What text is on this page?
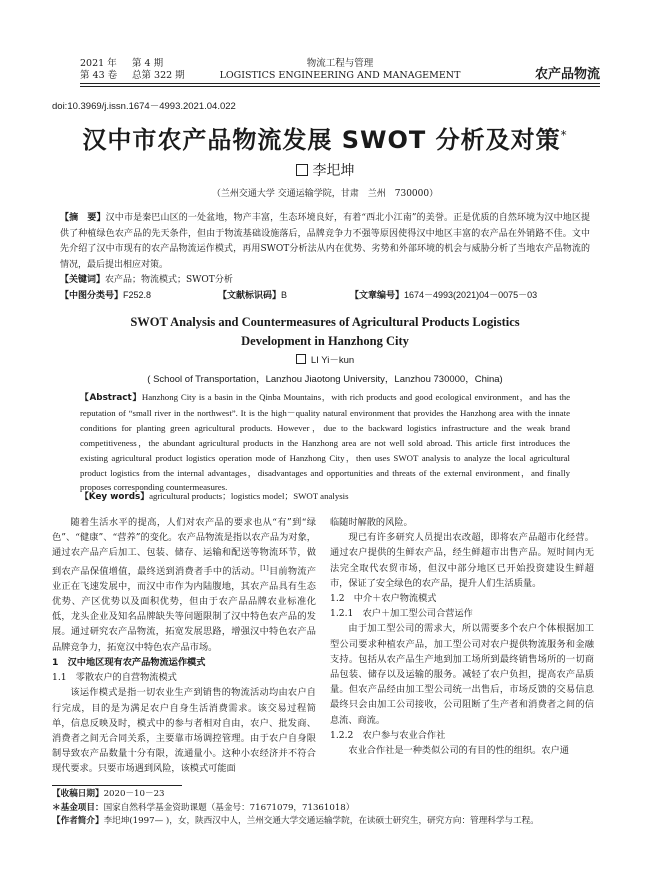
2021 年 第 4 期
第 43 卷 总第 322 期
物流工程与管理
LOGISTICS ENGINEERING AND MANAGEMENT	农产品物流
doi:10.3969/j.issn.1674－4993.2021.04.022
汉中市农产品物流发展 SWOT 分析及对策*
李圯坤
（兰州交通大学 交通运输学院，甘肃　兰州　730000）
【摘　要】汉中市是秦巴山区的一处盆地，物产丰富，生态环境良好，有着“西北小江南”的美誉。正是优质的自然环境为汉中地区提供了种植绿色农产品的先天条件，但由于物流基础设施落后，品牌竞争力不强等原因使得汉中地区丰富的农产品在外销路不佳。文中先介绍了汉中市现有的农产品物流运作模式，再用SWOT分析法从内在优势、劣势和外部环境的机会与威胁分析了当地农产品物流的情况，最后提出相应对策。
【关键词】农产品；物流模式；SWOT分析
【中图分类号】F252.8	【文献标识码】B	【文章编号】1674－4993(2021)04－0075－03
SWOT Analysis and Countermeasures of Agricultural Products Logistics
Development in Hanzhong City
LI Yi－kun
( School of Transportation，Lanzhou Jiaotong University，Lanzhou 730000，China)
【Abstract】Hanzhong City is a basin in the Qinba Mountains，with rich products and good ecological environment，and has the reputation of “small river in the northwest”. It is the high－quality natural environment that provides the Hanzhong area with the innate conditions for planting green agricultural products. However，due to the backward logistics infrastructure and the weak brand competitiveness，the abundant agricultural products in the Hanzhong area are not well sold abroad. This article first introduces the existing agricultural product logistics operation mode of Hanzhong City，then uses SWOT analysis to analyze the local agricultural product logistics from the internal advantages，disadvantages and opportunities and threats of the external environment，and finally proposes corresponding countermeasures.
【Key words】agricultural products；logistics model；SWOT analysis

随着生活水平的提高，人们对农产品的要求也从“有”到“绿色”、“健康”、“营养”的变化。农产品物流是指以农产品为对象，通过农产品产后加工、包装、储存、运输和配送等物流环节，做到农产品保值增值，最终送到消费者手中的活动。[1]目前物流产业正在飞速发展中，而汉中市作为内陆腹地，其农产品具有生态优势、产区优势以及面积优势，但由于农产品品牌农业标准化低，龙头企业及知名品牌缺失等问题限制了汉中特色农产品的发展。通过研究农产品物流，拓宽发展思路，增强汉中特色农产品品牌竞争力，拓宽汉中特色农产品市场。

1　汉中地区现有农产品物流运作模式

1.1　零散农户的自营物流模式

该运作模式是指一切农业生产到销售的物流活动均由农户自行完成，目的是为满足农户自身生活消费需求。该交易过程简单，信息反映及时，模式中的参与者相对自由，农户、批发商、消费者之间无合同关系，主要靠市场调控管理。由于农户自身限制导致农产品数量十分有限，流通量小。这种小农经济并不符合现代要求。只要市场遇到风险，该模式可能面

临随时解散的风险。

现已有许多研究人员提出农改超，即将农产品超市化经营。通过农户提供的生鲜农产品，经生鲜超市出售产品。短时间内无法完全取代农贸市场，但汉中部分地区已开始投资建设生鲜超市，保证了安全绿色的农产品，提升人们生活质量。

1.2　中介＋农户物流模式

1.2.1　农户＋加工型公司合营运作

由于加工型公司的需求大，所以需要多个农户个体根据加工型公司要求种植农产品，加工型公司对农户提供物流服务和金融支持。包括从农产品生产地到加工场所到最终销售场所的一切商品包装、储存以及运输的服务。减轻了农户负担，提高农产品质量。但农产品经由加工型公司统一出售后，市场反馈的交易信息最终只会由加工公司接收，公司阻断了生产者和消费者之间的信息流、商流。

1.2.2　农户参与农业合作社

农业合作社是一种类似公司的有目的性的组织。农户通

【收稿日期】2020－10－23
＊基金项目：国家自然科学基金资助课题（基金号：71671079，71361018）
【作者简介】李圯坤(1997— )，女，陕西汉中人，兰州交通大学交通运输学院，在读硕士研究生，研究方向：管理科学与工程。
